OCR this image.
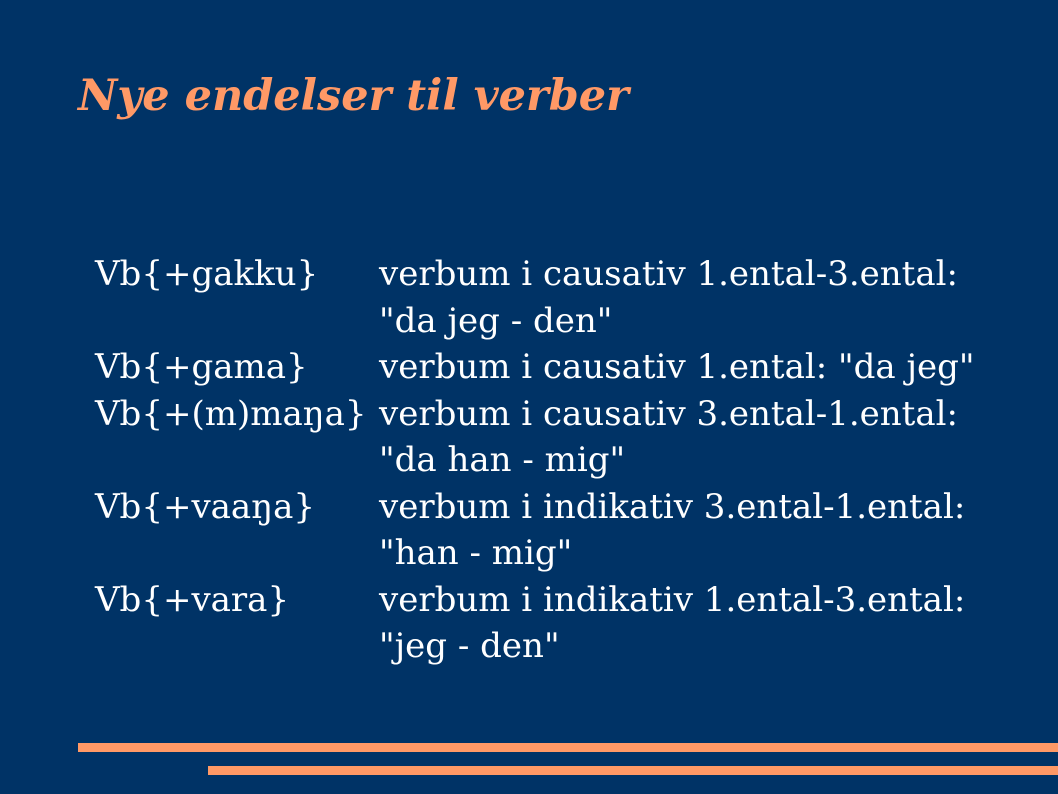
Nye endelser til verber
Vb{+gakku} verbum i causativ 1.ental-3.ental: "da jeg - den"
Vb{+gama} verbum i causativ 1.ental: "da jeg"
Vb{+(m)maŋa} verbum i causativ 3.ental-1.ental: "da han - mig"
Vb{+vaaŋa} verbum i indikativ 3.ental-1.ental: "han - mig"
Vb{+vara}	verbum i indikativ 1.ental-3.ental: "jeg - den"
